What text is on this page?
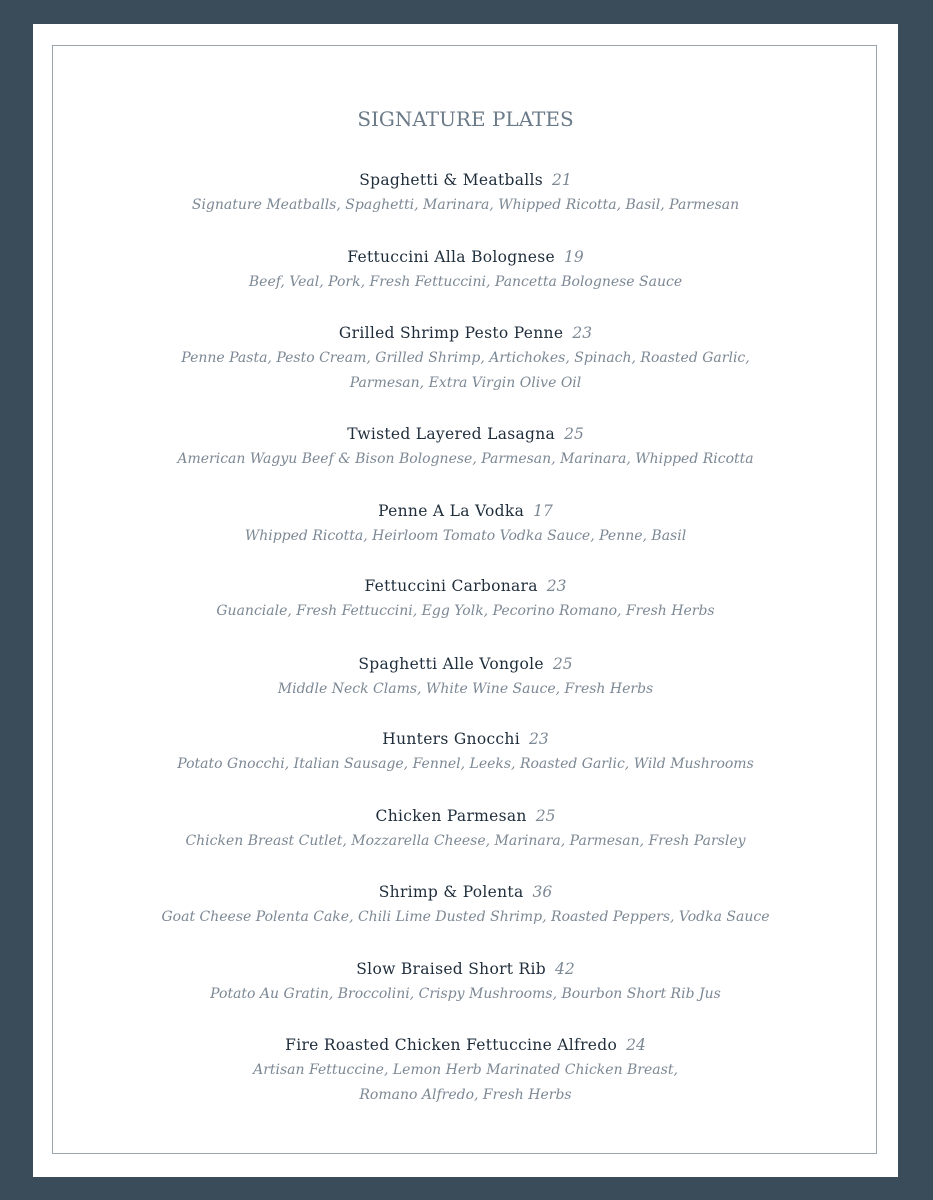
SIGNATURE PLATES
Spaghetti & Meatballs 21
Signature Meatballs, Spaghetti, Marinara, Whipped Ricotta, Basil, Parmesan
Fettuccini Alla Bolognese 19
Beef, Veal, Pork, Fresh Fettuccini, Pancetta Bolognese Sauce
Grilled Shrimp Pesto Penne 23
Penne Pasta, Pesto Cream, Grilled Shrimp, Artichokes, Spinach, Roasted Garlic,
Parmesan, Extra Virgin Olive Oil
Twisted Layered Lasagna 25
American Wagyu Beef & Bison Bolognese, Parmesan, Marinara, Whipped Ricotta
Penne A La Vodka 17
Whipped Ricotta, Heirloom Tomato Vodka Sauce, Penne, Basil
Fettuccini Carbonara 23
Guanciale, Fresh Fettuccini, Egg Yolk, Pecorino Romano, Fresh Herbs
Spaghetti Alle Vongole 25
Middle Neck Clams, White Wine Sauce, Fresh Herbs
Hunters Gnocchi 23
Potato Gnocchi, Italian Sausage, Fennel, Leeks, Roasted Garlic, Wild Mushrooms
Chicken Parmesan 25
Chicken Breast Cutlet, Mozzarella Cheese, Marinara, Parmesan, Fresh Parsley
Shrimp & Polenta 36
Goat Cheese Polenta Cake, Chili Lime Dusted Shrimp, Roasted Peppers, Vodka Sauce
Slow Braised Short Rib 42
Potato Au Gratin, Broccolini, Crispy Mushrooms, Bourbon Short Rib Jus
Fire Roasted Chicken Fettuccine Alfredo 24
Artisan Fettuccine, Lemon Herb Marinated Chicken Breast,
Romano Alfredo, Fresh Herbs
